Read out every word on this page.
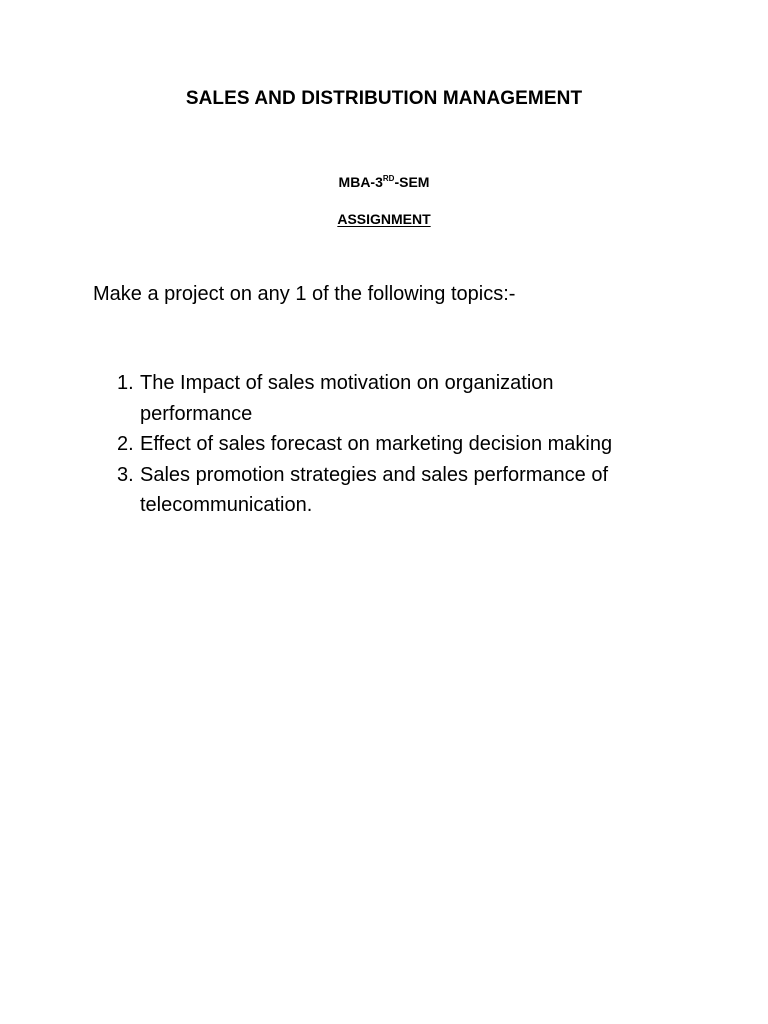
SALES AND DISTRIBUTION MANAGEMENT
MBA-3RD-SEM
ASSIGNMENT
Make a project on any 1 of the following topics:-
1. The Impact of sales motivation on organization performance
2. Effect of sales forecast on marketing decision making
3. Sales promotion strategies and sales performance of telecommunication.
